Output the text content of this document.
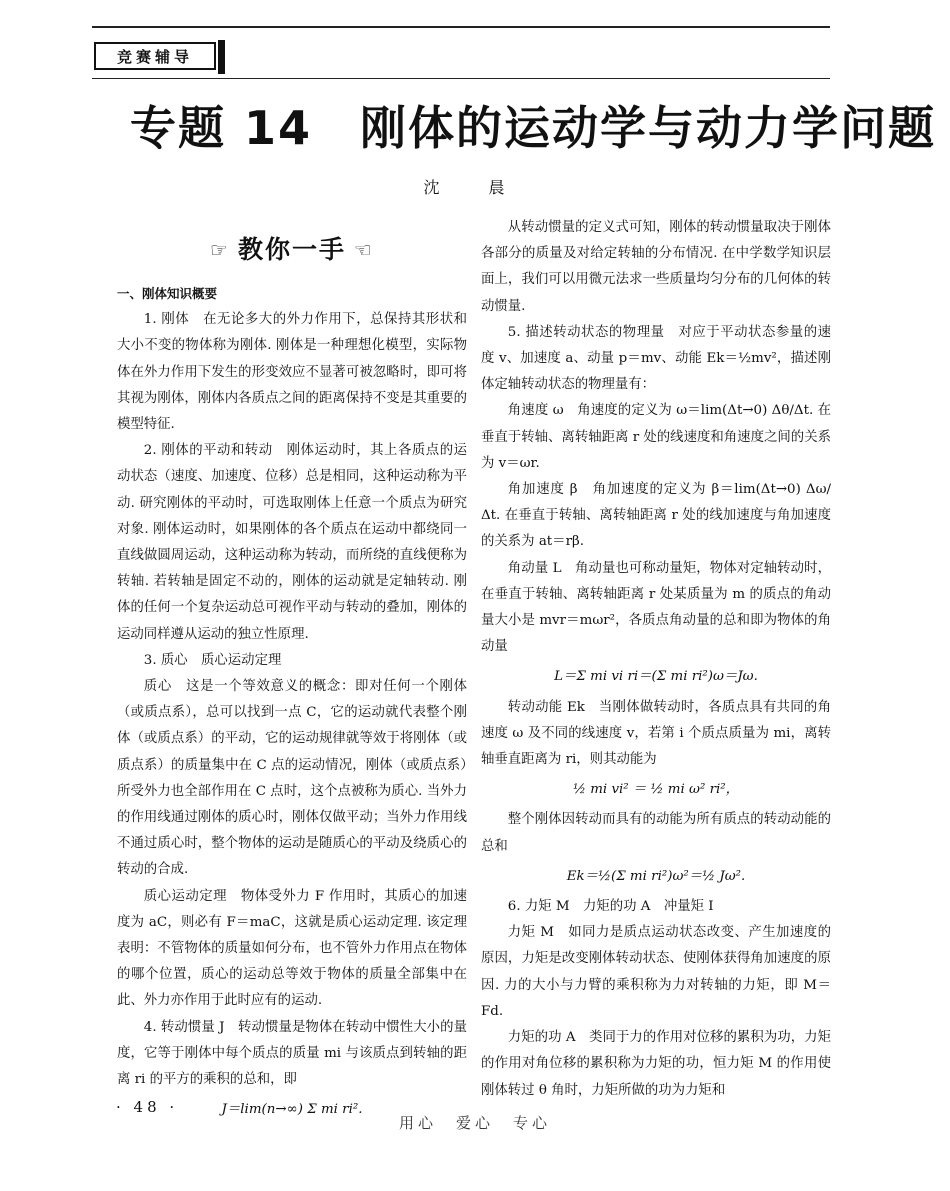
竞赛辅导
专题 14　刚体的运动学与动力学问题
沈 晨
☞ 教你一手 ☜
一、刚体知识概要

1. 刚体　在无论多大的外力作用下，总保持其形状和大小不变的物体称为刚体. 刚体是一种理想化模型，实际物体在外力作用下发生的形变效应不显著可被忽略时，即可将其视为刚体，刚体内各质点之间的距离保持不变是其重要的模型特征.

2. 刚体的平动和转动　刚体运动时，其上各质点的运动状态（速度、加速度、位移）总是相同，这种运动称为平动. 研究刚体的平动时，可选取刚体上任意一个质点为研究对象. 刚体运动时，如果刚体的各个质点在运动中都绕同一直线做圆周运动，这种运动称为转动，而所绕的直线便称为转轴. 若转轴是固定不动的，刚体的运动就是定轴转动. 刚体的任何一个复杂运动总可视作平动与转动的叠加，刚体的运动同样遵从运动的独立性原理.

3. 质心　质心运动定理

质心　这是一个等效意义的概念：即对任何一个刚体（或质点系），总可以找到一点 C，它的运动就代表整个刚体（或质点系）的平动，它的运动规律就等效于将刚体（或质点系）的质量集中在 C 点的运动情况，刚体（或质点系）所受外力也全部作用在 C 点时，这个点被称为质心. 当外力的作用线通过刚体的质心时，刚体仅做平动；当外力作用线不通过质心时，整个物体的运动是随质心的平动及绕质心的转动的合成.

质心运动定理　物体受外力 F 作用时，其质心的加速度为 aC，则必有 F＝maC，这就是质心运动定理. 该定理表明：不管物体的质量如何分布，也不管外力作用点在物体的哪个位置，质心的运动总等效于物体的质量全部集中在此、外力亦作用于此时应有的运动.

4. 转动惯量 J　转动惯量是物体在转动中惯性大小的量度，它等于刚体中每个质点的质量 mi 与该质点到转轴的距离 ri 的平方的乘积的总和，即

J＝lim(n→∞) Σ mi ri².

从转动惯量的定义式可知，刚体的转动惯量取决于刚体各部分的质量及对给定转轴的分布情况. 在中学数学知识层面上，我们可以用微元法求一些质量均匀分布的几何体的转动惯量.

5. 描述转动状态的物理量　对应于平动状态参量的速度 v、加速度 a、动量 p＝mv、动能 Ek＝½mv²，描述刚体定轴转动状态的物理量有：

角速度 ω　角速度的定义为 ω＝lim(Δt→0) Δθ/Δt. 在垂直于转轴、离转轴距离 r 处的线速度和角速度之间的关系为 v＝ωr.

角加速度 β　角加速度的定义为 β＝lim(Δt→0) Δω/Δt. 在垂直于转轴、离转轴距离 r 处的线加速度与角加速度的关系为 at＝rβ.

角动量 L　角动量也可称动量矩，物体对定轴转动时，在垂直于转轴、离转轴距离 r 处某质量为 m 的质点的角动量大小是 mvr＝mωr²，各质点角动量的总和即为物体的角动量

L＝Σ mi vi ri＝(Σ mi ri²)ω＝Jω.

转动动能 Ek　当刚体做转动时，各质点具有共同的角速度 ω 及不同的线速度 v，若第 i 个质点质量为 mi，离转轴垂直距离为 ri，则其动能为

½ mi vi² ＝ ½ mi ω² ri²，

整个刚体因转动而具有的动能为所有质点的转动动能的总和

Ek＝½(Σ mi ri²)ω²＝½ Jω².

6. 力矩 M　力矩的功 A　冲量矩 I

力矩 M　如同力是质点运动状态改变、产生加速度的原因，力矩是改变刚体转动状态、使刚体获得角加速度的原因. 力的大小与力臂的乘积称为力对转轴的力矩，即 M＝Fd.

力矩的功 A　类同于力的作用对位移的累积为功，力矩的作用对角位移的累积称为力矩的功，恒力矩 M 的作用使刚体转过 θ 角时，力矩所做的功为力矩和

· 48 ·
用心　爱心　专心
